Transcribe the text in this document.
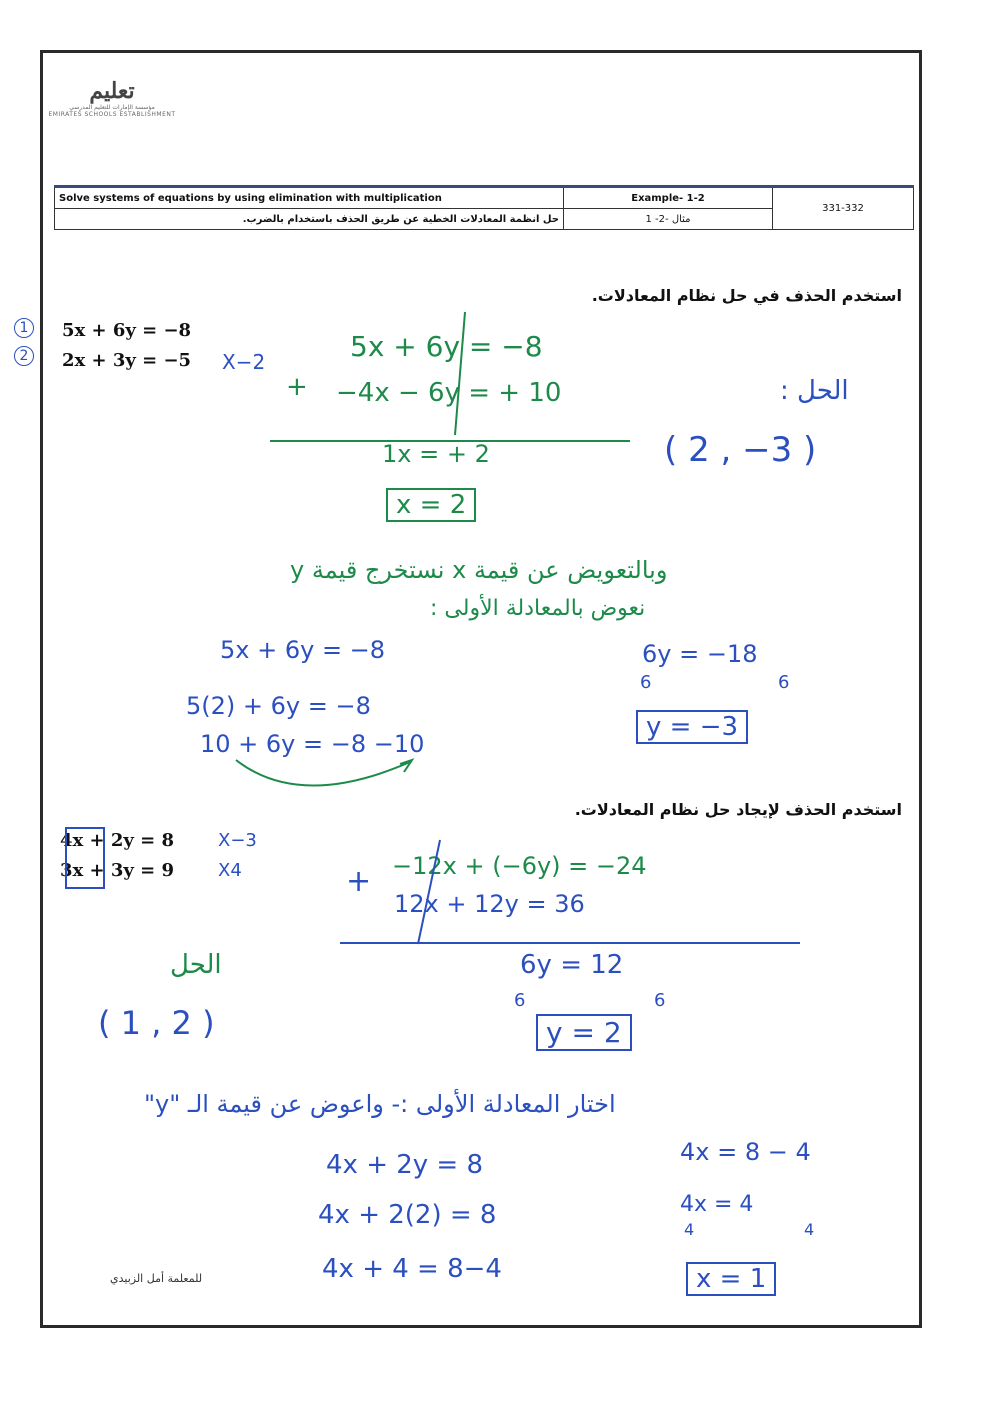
تعليم
مؤسسة الإمارات للتعليم المدرسي
EMIRATES SCHOOLS ESTABLISHMENT
Solve systems of equations by using elimination with multiplication	Example- 1-2	331-332
حل انظمة المعادلات الخطية عن طريق الحذف باستخدام بالضرب.	مثال -2- 1	
استخدم الحذف في حل نظام المعادلات.
1
2
5x + 6y = −8
2x + 3y = −5 X−2	5x + 6y = −8
+ −4x − 6y = + 10
1x = + 2
x = 2
الحل :
( 2 , −3 )
وبالتعويض عن قيمة x نستخرج قيمة y
نعوض بالمعادلة الأولى :
5x + 6y = −8
5(2) + 6y = −8
10 + 6y = −8 −10
6y = −18
6	6
y = −3
استخدم الحذف لإيجاد حل نظام المعادلات.
4x + 2y = 8
3x + 3y = 9
X−3
X4	+ −12x + (−6y) = −24
12x + 12y = 36
6y = 12
6	6
y = 2
الحل
( 1 , 2 )
اختار المعادلة الأولى :- واعوض عن قيمة الـ "y"
4x + 2y = 8
4x + 2(2) = 8
4x + 4 = 8−4
4x = 8 − 4
4x = 4
4	4
x = 1
للمعلمة أمل الزبيدي
